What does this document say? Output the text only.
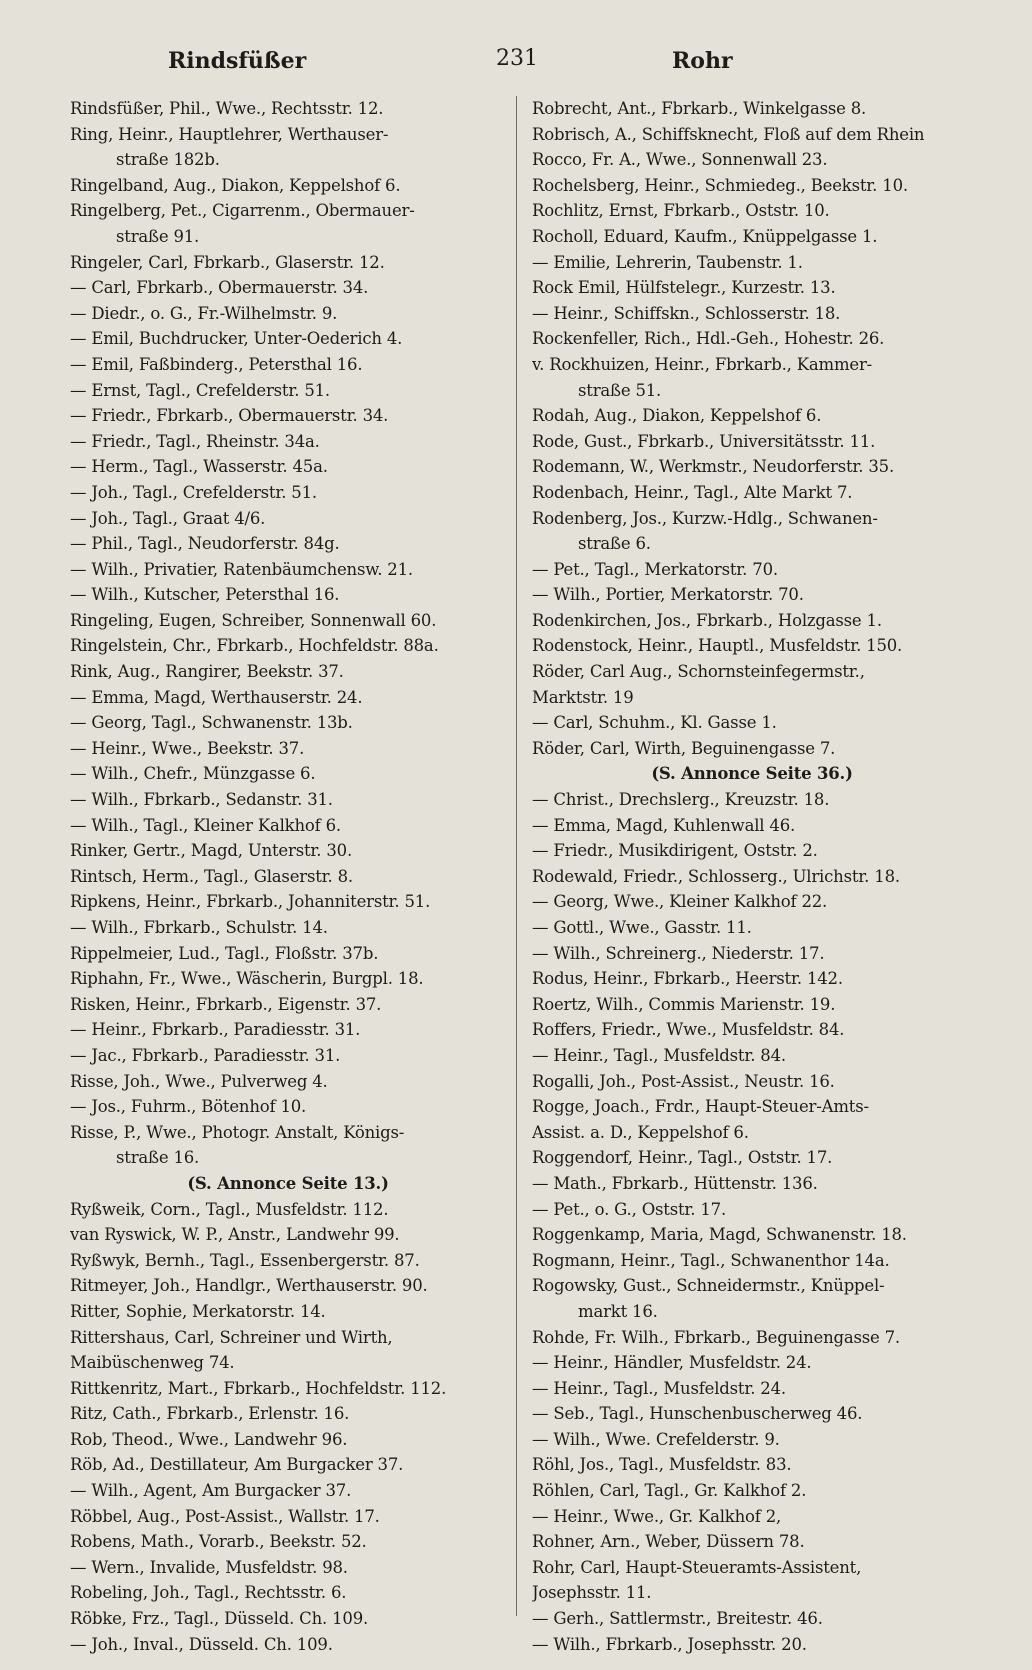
Rindsfüßer	231	Rohr
Rindsfüßer, Phil., Wwe., Rechtsstr. 12.
Ring, Heinr., Hauptlehrer, Werthauser-
straße 182b.
Ringelband, Aug., Diakon, Keppelshof 6.
Ringelberg, Pet., Cigarrenm., Obermauer-
straße 91.
Ringeler, Carl, Fbrkarb., Glaserstr. 12.
— Carl, Fbrkarb., Obermauerstr. 34.
— Diedr., o. G., Fr.-Wilhelmstr. 9.
— Emil, Buchdrucker, Unter-Oederich 4.
— Emil, Faßbinderg., Petersthal 16.
— Ernst, Tagl., Crefelderstr. 51.
— Friedr., Fbrkarb., Obermauerstr. 34.
— Friedr., Tagl., Rheinstr. 34a.
— Herm., Tagl., Wasserstr. 45a.
— Joh., Tagl., Crefelderstr. 51.
— Joh., Tagl., Graat 4/6.
— Phil., Tagl., Neudorferstr. 84g.
— Wilh., Privatier, Ratenbäumchensw. 21.
— Wilh., Kutscher, Petersthal 16.
Ringeling, Eugen, Schreiber, Sonnenwall 60.
Ringelstein, Chr., Fbrkarb., Hochfeldstr. 88a.
Rink, Aug., Rangirer, Beekstr. 37.
— Emma, Magd, Werthauserstr. 24.
— Georg, Tagl., Schwanenstr. 13b.
— Heinr., Wwe., Beekstr. 37.
— Wilh., Chefr., Münzgasse 6.
— Wilh., Fbrkarb., Sedanstr. 31.
— Wilh., Tagl., Kleiner Kalkhof 6.
Rinker, Gertr., Magd, Unterstr. 30.
Rintsch, Herm., Tagl., Glaserstr. 8.
Ripkens, Heinr., Fbrkarb., Johanniterstr. 51.
— Wilh., Fbrkarb., Schulstr. 14.
Rippelmeier, Lud., Tagl., Floßstr. 37b.
Riphahn, Fr., Wwe., Wäscherin, Burgpl. 18.
Risken, Heinr., Fbrkarb., Eigenstr. 37.
— Heinr., Fbrkarb., Paradiesstr. 31.
— Jac., Fbrkarb., Paradiesstr. 31.
Risse, Joh., Wwe., Pulverweg 4.
— Jos., Fuhrm., Bötenhof 10.
Risse, P., Wwe., Photogr. Anstalt, Königs-
straße 16.
(S. Annonce Seite 13.)
Ryßweik, Corn., Tagl., Musfeldstr. 112.
van Ryswick, W. P., Anstr., Landwehr 99.
Ryßwyk, Bernh., Tagl., Essenbergerstr. 87.
Ritmeyer, Joh., Handlgr., Werthauserstr. 90.
Ritter, Sophie, Merkatorstr. 14.
Rittershaus, Carl, Schreiner und Wirth,
Maibüschenweg 74.
Rittkenritz, Mart., Fbrkarb., Hochfeldstr. 112.
Ritz, Cath., Fbrkarb., Erlenstr. 16.
Rob, Theod., Wwe., Landwehr 96.
Röb, Ad., Destillateur, Am Burgacker 37.
— Wilh., Agent, Am Burgacker 37.
Röbbel, Aug., Post-Assist., Wallstr. 17.
Robens, Math., Vorarb., Beekstr. 52.
— Wern., Invalide, Musfeldstr. 98.
Robeling, Joh., Tagl., Rechtsstr. 6.
Röbke, Frz., Tagl., Düsseld. Ch. 109.
— Joh., Inval., Düsseld. Ch. 109.
Robrecht, Ant., Fbrkarb., Winkelgasse 8.
Robrisch, A., Schiffsknecht, Floß auf dem Rhein
Rocco, Fr. A., Wwe., Sonnenwall 23.
Rochelsberg, Heinr., Schmiedeg., Beekstr. 10.
Rochlitz, Ernst, Fbrkarb., Oststr. 10.
Rocholl, Eduard, Kaufm., Knüppelgasse 1.
— Emilie, Lehrerin, Taubenstr. 1.
Rock Emil, Hülfstelegr., Kurzestr. 13.
— Heinr., Schiffskn., Schlosserstr. 18.
Rockenfeller, Rich., Hdl.-Geh., Hohestr. 26.
v. Rockhuizen, Heinr., Fbrkarb., Kammer-
straße 51.
Rodah, Aug., Diakon, Keppelshof 6.
Rode, Gust., Fbrkarb., Universitätsstr. 11.
Rodemann, W., Werkmstr., Neudorferstr. 35.
Rodenbach, Heinr., Tagl., Alte Markt 7.
Rodenberg, Jos., Kurzw.-Hdlg., Schwanen-
straße 6.
— Pet., Tagl., Merkatorstr. 70.
— Wilh., Portier, Merkatorstr. 70.
Rodenkirchen, Jos., Fbrkarb., Holzgasse 1.
Rodenstock, Heinr., Hauptl., Musfeldstr. 150.
Röder, Carl Aug., Schornsteinfegermstr.,
Marktstr. 19
— Carl, Schuhm., Kl. Gasse 1.
Röder, Carl, Wirth, Beguinengasse 7.
(S. Annonce Seite 36.)
— Christ., Drechslerg., Kreuzstr. 18.
— Emma, Magd, Kuhlenwall 46.
— Friedr., Musikdirigent, Oststr. 2.
Rodewald, Friedr., Schlosserg., Ulrichstr. 18.
— Georg, Wwe., Kleiner Kalkhof 22.
— Gottl., Wwe., Gasstr. 11.
— Wilh., Schreinerg., Niederstr. 17.
Rodus, Heinr., Fbrkarb., Heerstr. 142.
Roertz, Wilh., Commis Marienstr. 19.
Roffers, Friedr., Wwe., Musfeldstr. 84.
— Heinr., Tagl., Musfeldstr. 84.
Rogalli, Joh., Post-Assist., Neustr. 16.
Rogge, Joach., Frdr., Haupt-Steuer-Amts-
Assist. a. D., Keppelshof 6.
Roggendorf, Heinr., Tagl., Oststr. 17.
— Math., Fbrkarb., Hüttenstr. 136.
— Pet., o. G., Oststr. 17.
Roggenkamp, Maria, Magd, Schwanenstr. 18.
Rogmann, Heinr., Tagl., Schwanenthor 14a.
Rogowsky, Gust., Schneidermstr., Knüppel-
markt 16.
Rohde, Fr. Wilh., Fbrkarb., Beguinengasse 7.
— Heinr., Händler, Musfeldstr. 24.
— Heinr., Tagl., Musfeldstr. 24.
— Seb., Tagl., Hunschenbuscherweg 46.
— Wilh., Wwe. Crefelderstr. 9.
Röhl, Jos., Tagl., Musfeldstr. 83.
Röhlen, Carl, Tagl., Gr. Kalkhof 2.
— Heinr., Wwe., Gr. Kalkhof 2,
Rohner, Arn., Weber, Düssern 78.
Rohr, Carl, Haupt-Steueramts-Assistent,
Josephsstr. 11.
— Gerh., Sattlermstr., Breitestr. 46.
— Wilh., Fbrkarb., Josephsstr. 20.
